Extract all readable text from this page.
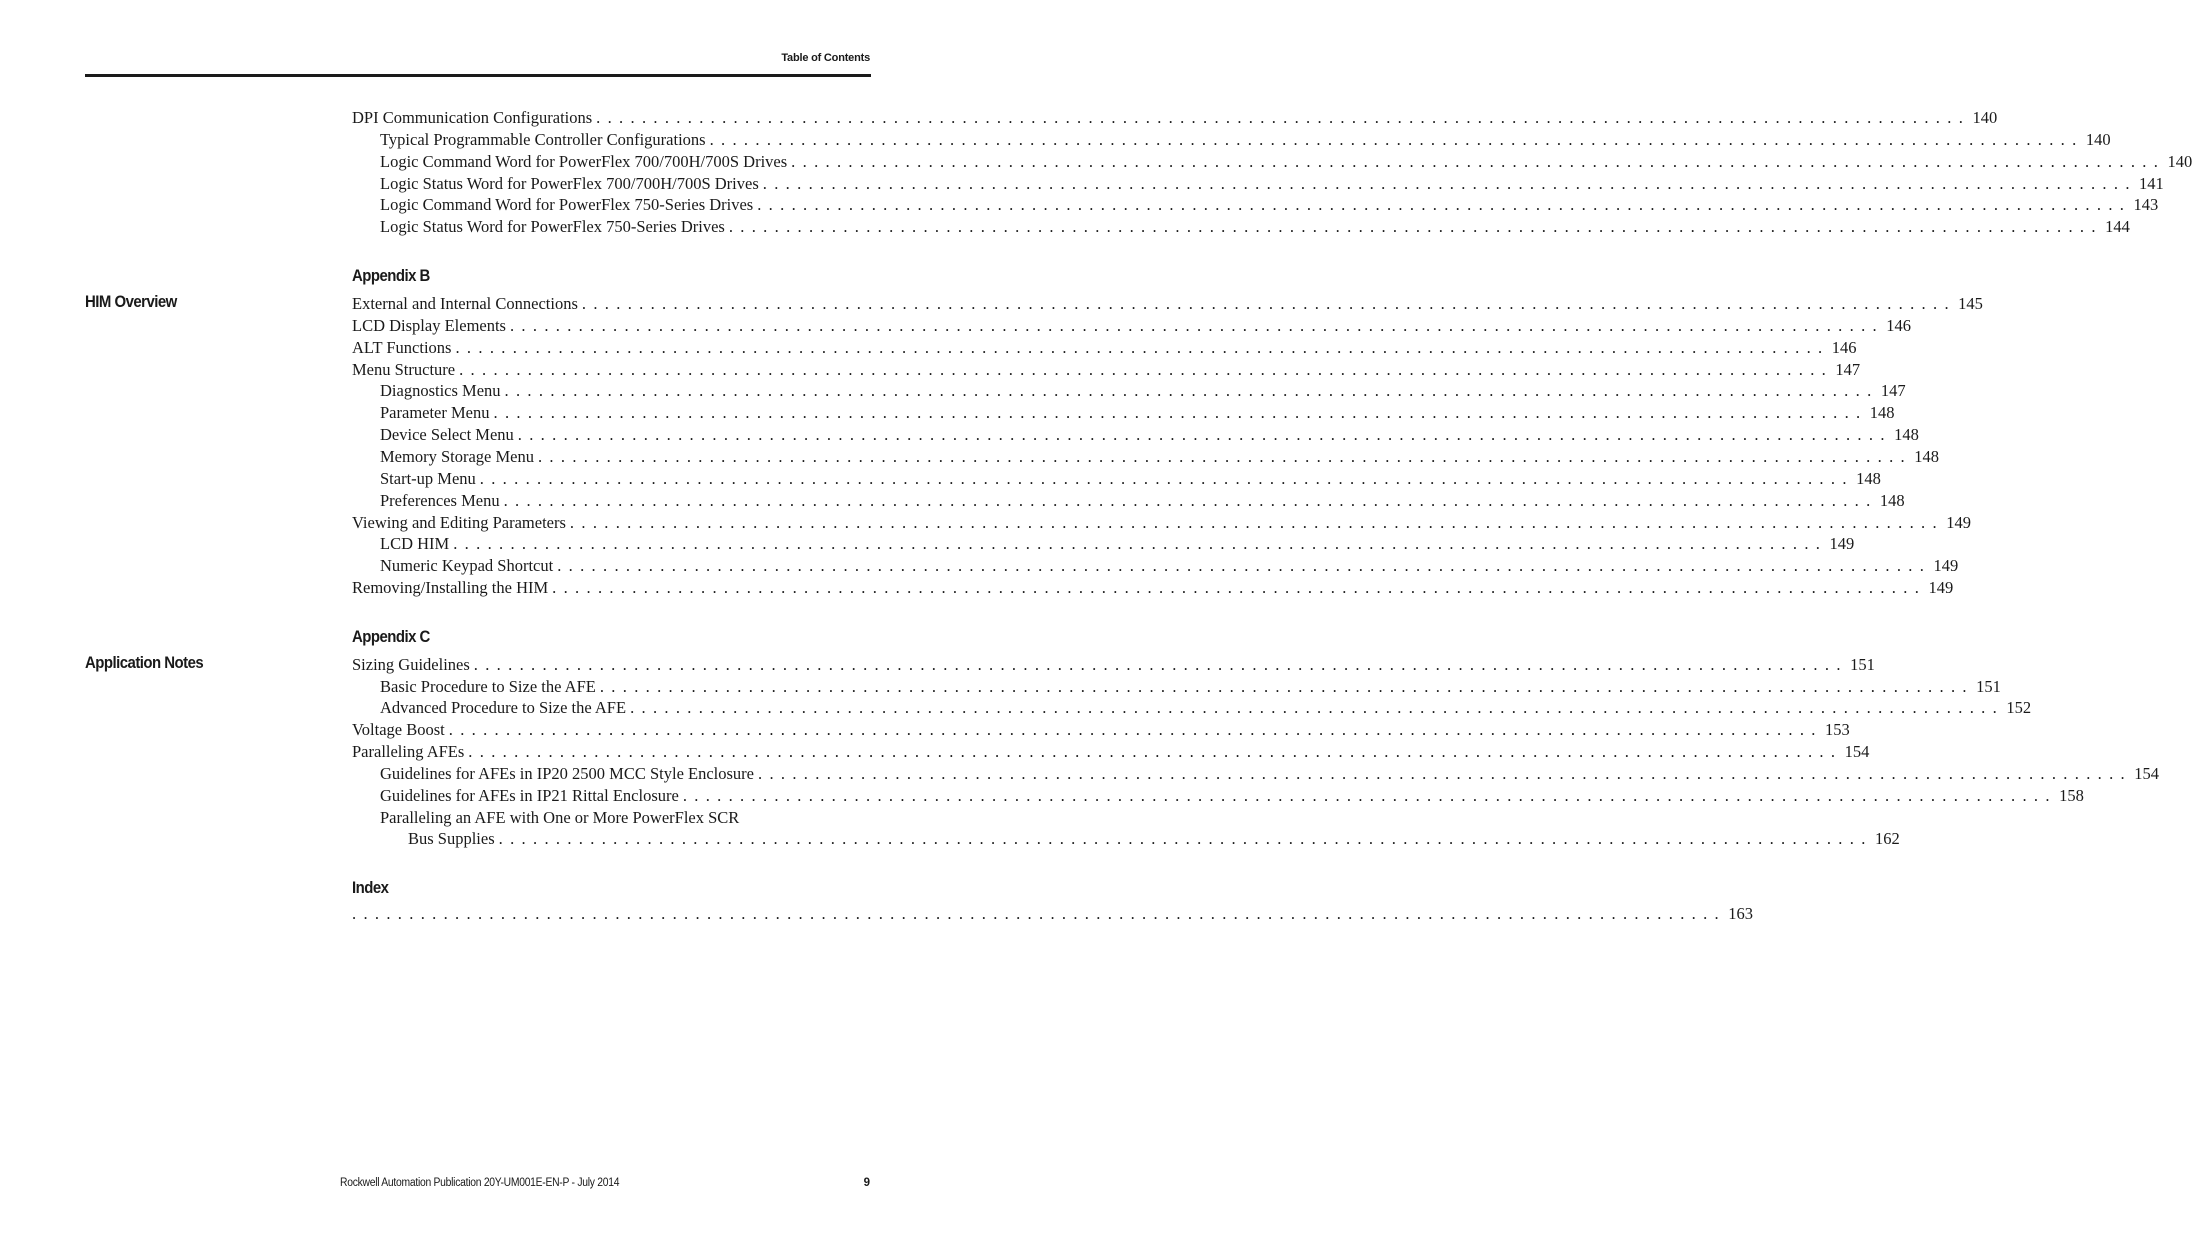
Table of Contents
DPI Communication Configurations . . . . . . . . . . . . . . . . . . . . . . . . . . . . . . . . . . . . . . . . . . . . . . . . . . . . . . . . . . . . . . . . . . . . . . . . . . . . . . . . . . . . . . . . . . . . . . . . . . . . . . . . . . . . . . . . . . . . . . . . 140
Typical Programmable Controller Configurations . . . . . . . . . . . . . . . . . . . . . . . . . . . . . . . . . . . . . . . . . . . . . . . . . . . . . . . . . . . . . . . . . . . . . . . . . . . . . . . . . . . . . . . . . . . . . . . . . . . . . . . . . . . . . . . . . . . . . . . . 140
Logic Command Word for PowerFlex 700/700H/700S Drives . . . . . . . . . . . . . . . . . . . . . . . . . . . . . . . . . . . . . . . . . . . . . . . . . . . . . . . . . . . . . . . . . . . . . . . . . . . . . . . . . . . . . . . . . . . . . . . . . . . . . . . . . . . . . . . . . . . . . . . . 140
Logic Status Word for PowerFlex 700/700H/700S Drives . . . . . . . . . . . . . . . . . . . . . . . . . . . . . . . . . . . . . . . . . . . . . . . . . . . . . . . . . . . . . . . . . . . . . . . . . . . . . . . . . . . . . . . . . . . . . . . . . . . . . . . . . . . . . . . . . . . . . . . . 141
Logic Command Word for PowerFlex 750-Series Drives . . . . . . . . . . . . . . . . . . . . . . . . . . . . . . . . . . . . . . . . . . . . . . . . . . . . . . . . . . . . . . . . . . . . . . . . . . . . . . . . . . . . . . . . . . . . . . . . . . . . . . . . . . . . . . . . . . . . . . . . 143
Logic Status Word for PowerFlex 750-Series Drives . . . . . . . . . . . . . . . . . . . . . . . . . . . . . . . . . . . . . . . . . . . . . . . . . . . . . . . . . . . . . . . . . . . . . . . . . . . . . . . . . . . . . . . . . . . . . . . . . . . . . . . . . . . . . . . . . . . . . . . . 144
Appendix B
HIM Overview	External and Internal Connections . . . . . . . . . . . . . . . . . . . . . . . . . . . . . . . . . . . . . . . . . . . . . . . . . . . . . . . . . . . . . . . . . . . . . . . . . . . . . . . . . . . . . . . . . . . . . . . . . . . . . . . . . . . . . . . . . . . . . . . . 145
LCD Display Elements . . . . . . . . . . . . . . . . . . . . . . . . . . . . . . . . . . . . . . . . . . . . . . . . . . . . . . . . . . . . . . . . . . . . . . . . . . . . . . . . . . . . . . . . . . . . . . . . . . . . . . . . . . . . . . . . . . . . . . . . 146
ALT Functions . . . . . . . . . . . . . . . . . . . . . . . . . . . . . . . . . . . . . . . . . . . . . . . . . . . . . . . . . . . . . . . . . . . . . . . . . . . . . . . . . . . . . . . . . . . . . . . . . . . . . . . . . . . . . . . . . . . . . . . . 146
Menu Structure . . . . . . . . . . . . . . . . . . . . . . . . . . . . . . . . . . . . . . . . . . . . . . . . . . . . . . . . . . . . . . . . . . . . . . . . . . . . . . . . . . . . . . . . . . . . . . . . . . . . . . . . . . . . . . . . . . . . . . . . 147
Diagnostics Menu . . . . . . . . . . . . . . . . . . . . . . . . . . . . . . . . . . . . . . . . . . . . . . . . . . . . . . . . . . . . . . . . . . . . . . . . . . . . . . . . . . . . . . . . . . . . . . . . . . . . . . . . . . . . . . . . . . . . . . . . 147
Parameter Menu . . . . . . . . . . . . . . . . . . . . . . . . . . . . . . . . . . . . . . . . . . . . . . . . . . . . . . . . . . . . . . . . . . . . . . . . . . . . . . . . . . . . . . . . . . . . . . . . . . . . . . . . . . . . . . . . . . . . . . . . 148
Device Select Menu . . . . . . . . . . . . . . . . . . . . . . . . . . . . . . . . . . . . . . . . . . . . . . . . . . . . . . . . . . . . . . . . . . . . . . . . . . . . . . . . . . . . . . . . . . . . . . . . . . . . . . . . . . . . . . . . . . . . . . . . 148
Memory Storage Menu . . . . . . . . . . . . . . . . . . . . . . . . . . . . . . . . . . . . . . . . . . . . . . . . . . . . . . . . . . . . . . . . . . . . . . . . . . . . . . . . . . . . . . . . . . . . . . . . . . . . . . . . . . . . . . . . . . . . . . . . 148
Start-up Menu . . . . . . . . . . . . . . . . . . . . . . . . . . . . . . . . . . . . . . . . . . . . . . . . . . . . . . . . . . . . . . . . . . . . . . . . . . . . . . . . . . . . . . . . . . . . . . . . . . . . . . . . . . . . . . . . . . . . . . . . 148
Preferences Menu . . . . . . . . . . . . . . . . . . . . . . . . . . . . . . . . . . . . . . . . . . . . . . . . . . . . . . . . . . . . . . . . . . . . . . . . . . . . . . . . . . . . . . . . . . . . . . . . . . . . . . . . . . . . . . . . . . . . . . . . 148
Viewing and Editing Parameters . . . . . . . . . . . . . . . . . . . . . . . . . . . . . . . . . . . . . . . . . . . . . . . . . . . . . . . . . . . . . . . . . . . . . . . . . . . . . . . . . . . . . . . . . . . . . . . . . . . . . . . . . . . . . . . . . . . . . . . . 149
LCD HIM . . . . . . . . . . . . . . . . . . . . . . . . . . . . . . . . . . . . . . . . . . . . . . . . . . . . . . . . . . . . . . . . . . . . . . . . . . . . . . . . . . . . . . . . . . . . . . . . . . . . . . . . . . . . . . . . . . . . . . . . 149
Numeric Keypad Shortcut . . . . . . . . . . . . . . . . . . . . . . . . . . . . . . . . . . . . . . . . . . . . . . . . . . . . . . . . . . . . . . . . . . . . . . . . . . . . . . . . . . . . . . . . . . . . . . . . . . . . . . . . . . . . . . . . . . . . . . . . 149
Removing/Installing the HIM . . . . . . . . . . . . . . . . . . . . . . . . . . . . . . . . . . . . . . . . . . . . . . . . . . . . . . . . . . . . . . . . . . . . . . . . . . . . . . . . . . . . . . . . . . . . . . . . . . . . . . . . . . . . . . . . . . . . . . . . 149
Appendix C
Application Notes	Sizing Guidelines . . . . . . . . . . . . . . . . . . . . . . . . . . . . . . . . . . . . . . . . . . . . . . . . . . . . . . . . . . . . . . . . . . . . . . . . . . . . . . . . . . . . . . . . . . . . . . . . . . . . . . . . . . . . . . . . . . . . . . . . 151
Basic Procedure to Size the AFE . . . . . . . . . . . . . . . . . . . . . . . . . . . . . . . . . . . . . . . . . . . . . . . . . . . . . . . . . . . . . . . . . . . . . . . . . . . . . . . . . . . . . . . . . . . . . . . . . . . . . . . . . . . . . . . . . . . . . . . . 151
Advanced Procedure to Size the AFE . . . . . . . . . . . . . . . . . . . . . . . . . . . . . . . . . . . . . . . . . . . . . . . . . . . . . . . . . . . . . . . . . . . . . . . . . . . . . . . . . . . . . . . . . . . . . . . . . . . . . . . . . . . . . . . . . . . . . . . . 152
Voltage Boost . . . . . . . . . . . . . . . . . . . . . . . . . . . . . . . . . . . . . . . . . . . . . . . . . . . . . . . . . . . . . . . . . . . . . . . . . . . . . . . . . . . . . . . . . . . . . . . . . . . . . . . . . . . . . . . . . . . . . . . . 153
Paralleling AFEs . . . . . . . . . . . . . . . . . . . . . . . . . . . . . . . . . . . . . . . . . . . . . . . . . . . . . . . . . . . . . . . . . . . . . . . . . . . . . . . . . . . . . . . . . . . . . . . . . . . . . . . . . . . . . . . . . . . . . . . . 154
Guidelines for AFEs in IP20 2500 MCC Style Enclosure . . . . . . . . . . . . . . . . . . . . . . . . . . . . . . . . . . . . . . . . . . . . . . . . . . . . . . . . . . . . . . . . . . . . . . . . . . . . . . . . . . . . . . . . . . . . . . . . . . . . . . . . . . . . . . . . . . . . . . . . 154
Guidelines for AFEs in IP21 Rittal Enclosure . . . . . . . . . . . . . . . . . . . . . . . . . . . . . . . . . . . . . . . . . . . . . . . . . . . . . . . . . . . . . . . . . . . . . . . . . . . . . . . . . . . . . . . . . . . . . . . . . . . . . . . . . . . . . . . . . . . . . . . . 158
Paralleling an AFE with One or More PowerFlex SCR
Bus Supplies . . . . . . . . . . . . . . . . . . . . . . . . . . . . . . . . . . . . . . . . . . . . . . . . . . . . . . . . . . . . . . . . . . . . . . . . . . . . . . . . . . . . . . . . . . . . . . . . . . . . . . . . . . . . . . . . . . . . . . . . 162
Index
. . . . . . . . . . . . . . . . . . . . . . . . . . . . . . . . . . . . . . . . . . . . . . . . . . . . . . . . . . . . . . . . . . . . . . . . . . . . . . . . . . . . . . . . . . . . . . . . . . . . . . . . . . . . . . . . . . . . . . . . 163
Rockwell Automation Publication 20Y-UM001E-EN-P - July 2014	9
